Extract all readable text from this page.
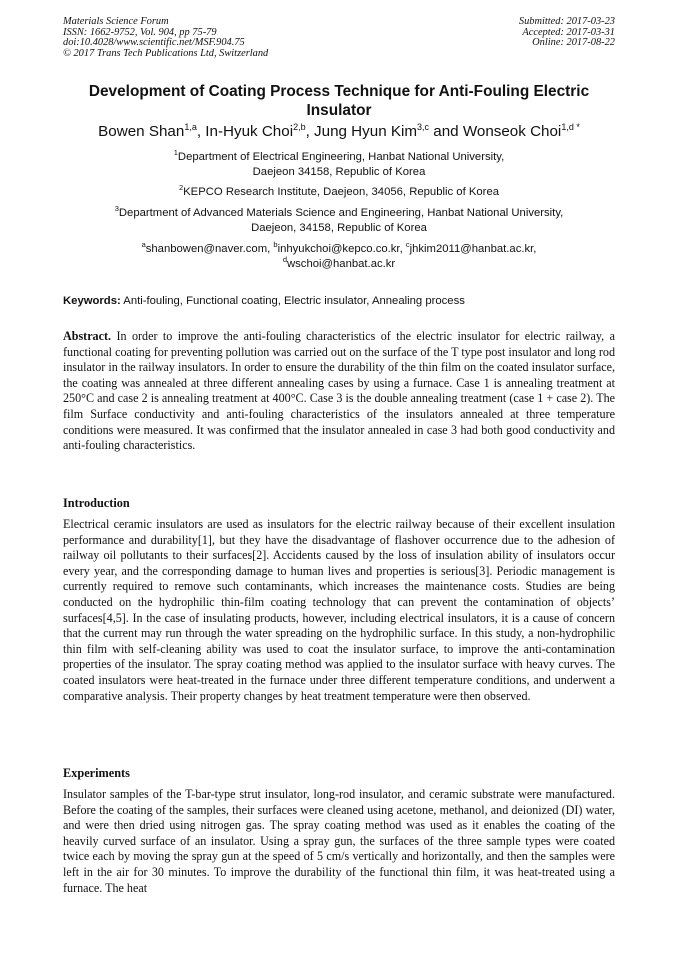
Materials Science Forum
ISSN: 1662-9752, Vol. 904, pp 75-79
doi:10.4028/www.scientific.net/MSF.904.75
© 2017 Trans Tech Publications Ltd, Switzerland
Submitted: 2017-03-23
Accepted: 2017-03-31
Online: 2017-08-22
Development of Coating Process Technique for Anti-Fouling Electric Insulator
Bowen Shan$^{1,a}$, In-Hyuk Choi$^{2,b}$, Jung Hyun Kim$^{3,c}$ and Wonseok Choi$^{1,d *}$
$^1$Department of Electrical Engineering, Hanbat National University,
Daejeon 34158, Republic of Korea
$^2$KEPCO Research Institute, Daejeon, 34056, Republic of Korea
$^3$Department of Advanced Materials Science and Engineering, Hanbat National University,
Daejeon, 34158, Republic of Korea
$^a$shanbowen@naver.com, $^b$inhyukchoi@kepco.co.kr, $^c$jhkim2011@hanbat.ac.kr,
$^d$wschoi@hanbat.ac.kr
Keywords: Anti-fouling, Functional coating, Electric insulator, Annealing process
Abstract. In order to improve the anti-fouling characteristics of the electric insulator for electric railway, a functional coating for preventing pollution was carried out on the surface of the T type post insulator and long rod insulator in the railway insulators. In order to ensure the durability of the thin film on the coated insulator surface, the coating was annealed at three different annealing cases by using a furnace. Case 1 is annealing treatment at 250°C and case 2 is annealing treatment at 400°C. Case 3 is the double annealing treatment (case 1 + case 2). The film Surface conductivity and anti-fouling characteristics of the insulators annealed at three temperature conditions were measured. It was confirmed that the insulator annealed in case 3 had both good conductivity and anti-fouling characteristics.
Introduction
Electrical ceramic insulators are used as insulators for the electric railway because of their excellent insulation performance and durability[1], but they have the disadvantage of flashover occurrence due to the adhesion of railway oil pollutants to their surfaces[2]. Accidents caused by the loss of insulation ability of insulators occur every year, and the corresponding damage to human lives and properties is serious[3]. Periodic management is currently required to remove such contaminants, which increases the maintenance costs. Studies are being conducted on the hydrophilic thin-film coating technology that can prevent the contamination of objects’ surfaces[4,5]. In the case of insulating products, however, including electrical insulators, it is a cause of concern that the current may run through the water spreading on the hydrophilic surface. In this study, a non-hydrophilic thin film with self-cleaning ability was used to coat the insulator surface, to improve the anti-contamination properties of the insulator. The spray coating method was applied to the insulator surface with heavy curves. The coated insulators were heat-treated in the furnace under three different temperature conditions, and underwent a comparative analysis. Their property changes by heat treatment temperature were then observed.
Experiments
Insulator samples of the T-bar-type strut insulator, long-rod insulator, and ceramic substrate were manufactured. Before the coating of the samples, their surfaces were cleaned using acetone, methanol, and deionized (DI) water, and were then dried using nitrogen gas. The spray coating method was used as it enables the coating of the heavily curved surface of an insulator. Using a spray gun, the surfaces of the three sample types were coated twice each by moving the spray gun at the speed of 5 cm/s vertically and horizontally, and then the samples were left in the air for 30 minutes. To improve the durability of the functional thin film, it was heat-treated using a furnace. The heat
